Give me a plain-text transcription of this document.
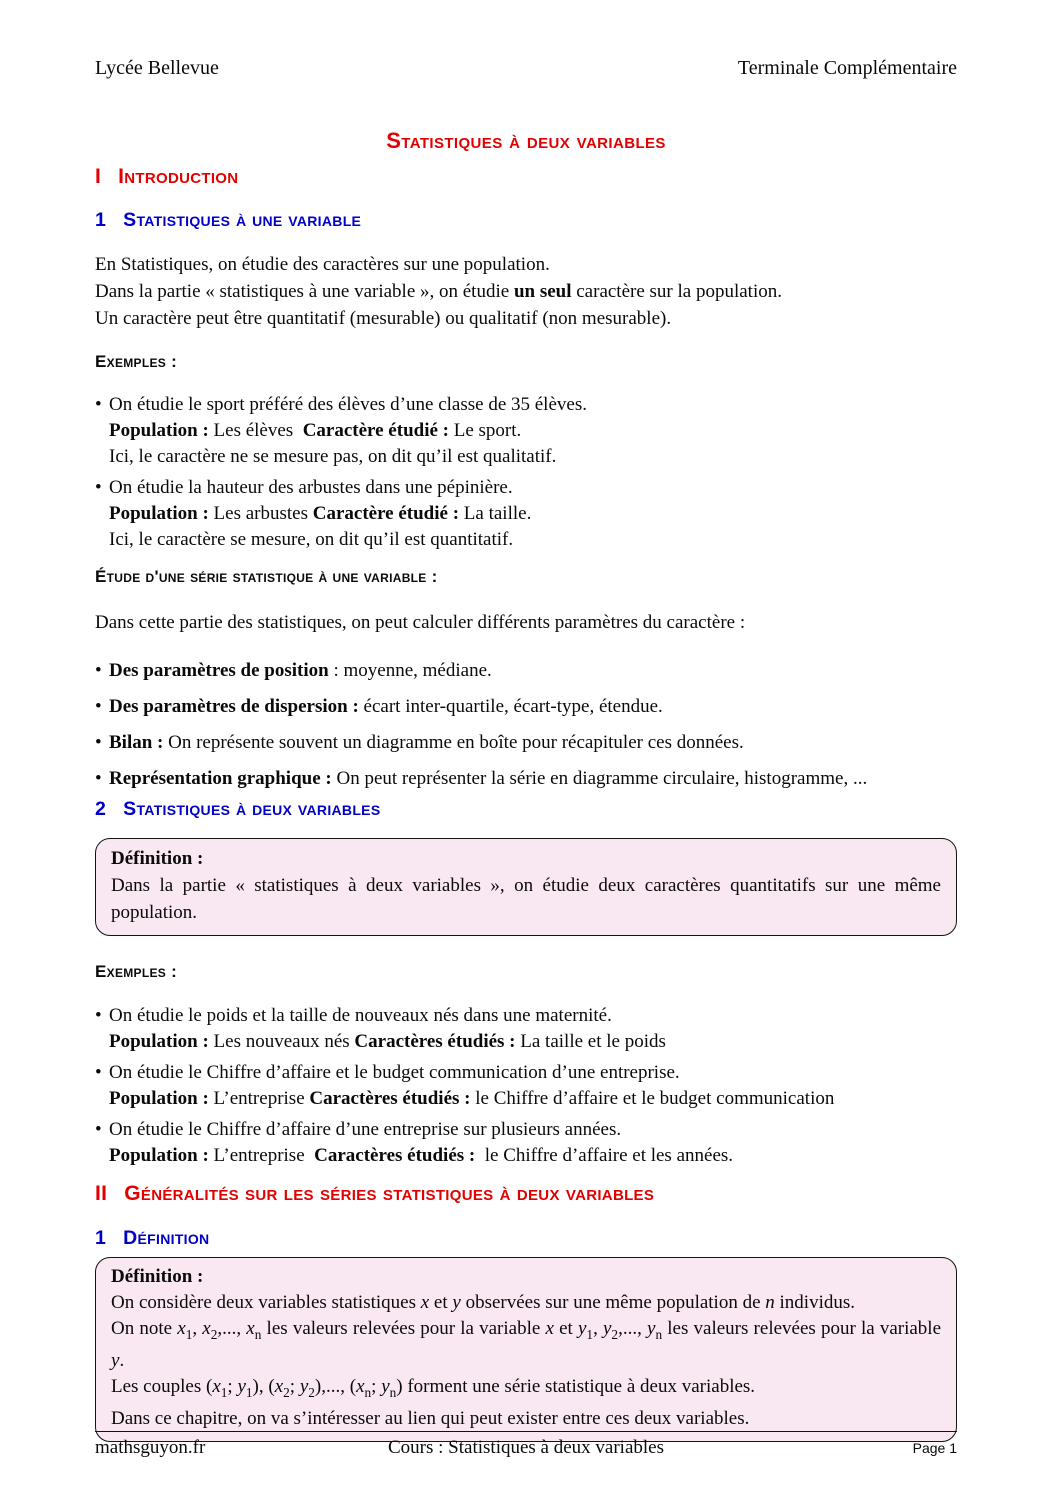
Lycée Bellevue	Terminale Complémentaire
Statistiques à deux variables
I Introduction
1 Statistiques à une variable
En Statistiques, on étudie des caractères sur une population.
Dans la partie « statistiques à une variable », on étudie un seul caractère sur la population.
Un caractère peut être quantitatif (mesurable) ou qualitatif (non mesurable).
Exemples :
• On étudie le sport préféré des élèves d’une classe de 35 élèves.
Population : Les élèves  Caractère étudié : Le sport.
Ici, le caractère ne se mesure pas, on dit qu’il est qualitatif.
• On étudie la hauteur des arbustes dans une pépinière.
Population : Les arbustes Caractère étudié : La taille.
Ici, le caractère se mesure, on dit qu’il est quantitatif.
Étude d'une série statistique à une variable :
Dans cette partie des statistiques, on peut calculer différents paramètres du caractère :
• Des paramètres de position : moyenne, médiane.
• Des paramètres de dispersion : écart inter-quartile, écart-type, étendue.
• Bilan : On représente souvent un diagramme en boîte pour récapituler ces données.
• Représentation graphique : On peut représenter la série en diagramme circulaire, histogramme, ...
2 Statistiques à deux variables
Définition :

Dans la partie « statistiques à deux variables », on étudie deux caractères quantitatifs sur une même population.

Exemples :
• On étudie le poids et la taille de nouveaux nés dans une maternité.
Population : Les nouveaux nés Caractères étudiés : La taille et le poids
• On étudie le Chiffre d’affaire et le budget communication d’une entreprise.
Population : L’entreprise Caractères étudiés : le Chiffre d’affaire et le budget communication
• On étudie le Chiffre d’affaire d’une entreprise sur plusieurs années.
Population : L’entreprise  Caractères étudiés :  le Chiffre d’affaire et les années.
II Généralités sur les séries statistiques à deux variables
1 Définition
Définition :

On considère deux variables statistiques x et y observées sur une même population de n individus.

On note $x_1$, $x_2$,..., $x_n$ les valeurs relevées pour la variable x et $y_1$, $y_2$,..., $y_n$ les valeurs relevées pour la variable y.

Les couples ($x_1$; $y_1$), ($x_2$; $y_2$),..., ($x_n$; $y_n$) forment une série statistique à deux variables.

Dans ce chapitre, on va s’intéresser au lien qui peut exister entre ces deux variables.

mathsguyon.fr	Cours : Statistiques à deux variables	Page 1
